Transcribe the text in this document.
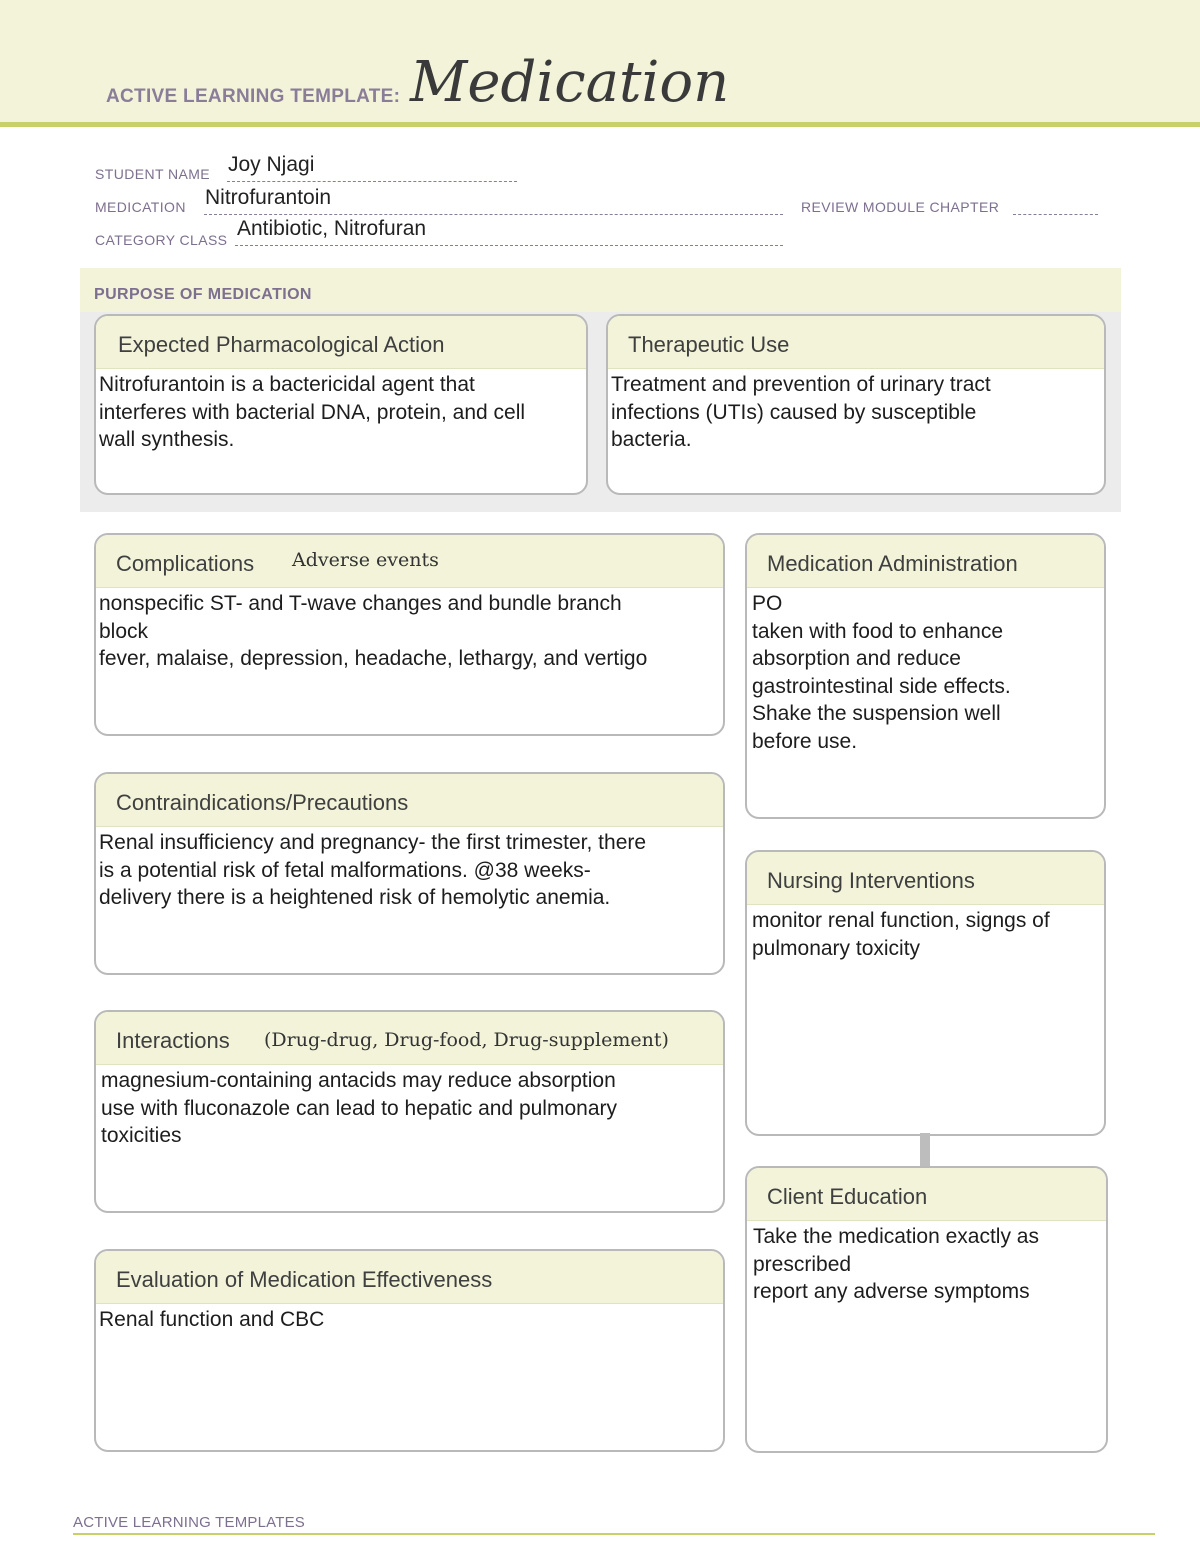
ACTIVE LEARNING TEMPLATE: Medication
STUDENT NAME Joy Njagi
MEDICATION Nitrofurantoin	REVIEW MODULE CHAPTER
CATEGORY CLASS Antibiotic, Nitrofuran
PURPOSE OF MEDICATION
Expected Pharmacological Action
Nitrofurantoin is a bactericidal agent that
interferes with bacterial DNA, protein, and cell
wall synthesis.
Therapeutic Use
Treatment and prevention of urinary tract
infections (UTIs) caused by susceptible
bacteria.
Complications Adverse events
nonspecific ST- and T-wave changes and bundle branch
block
fever, malaise, depression, headache, lethargy, and vertigo
Contraindications/Precautions
Renal insufficiency and pregnancy- the first trimester, there
is a potential risk of fetal malformations. @38 weeks-
delivery there is a heightened risk of hemolytic anemia.
Interactions (Drug-drug, Drug-food, Drug-supplement)
magnesium-containing antacids may reduce absorption
use with fluconazole can lead to hepatic and pulmonary
toxicities
Evaluation of Medication Effectiveness
Renal function and CBC
Medication Administration
PO
taken with food to enhance
absorption and reduce
gastrointestinal side effects.
Shake the suspension well
before use.
Nursing Interventions
monitor renal function, signgs of
pulmonary toxicity
Client Education
Take the medication exactly as
prescribed
report any adverse symptoms
ACTIVE LEARNING TEMPLATES
